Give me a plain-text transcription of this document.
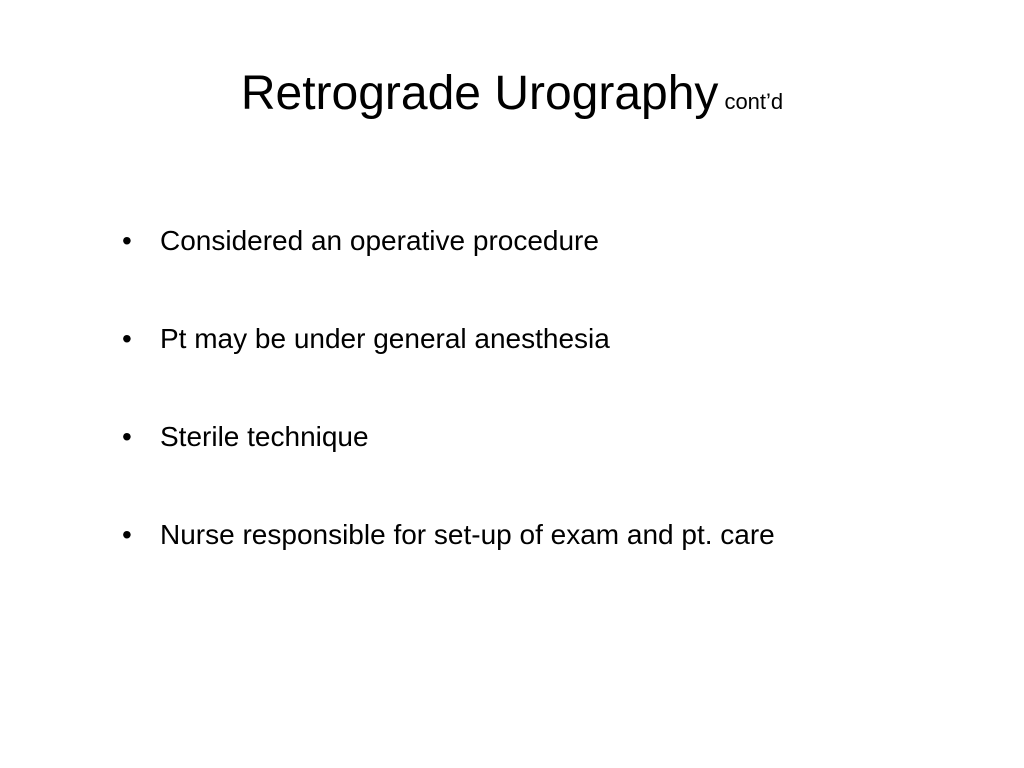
Retrograde Urography cont’d
• Considered an operative procedure
• Pt may be under general anesthesia
• Sterile technique
• Nurse responsible for set-up of exam and pt. care
